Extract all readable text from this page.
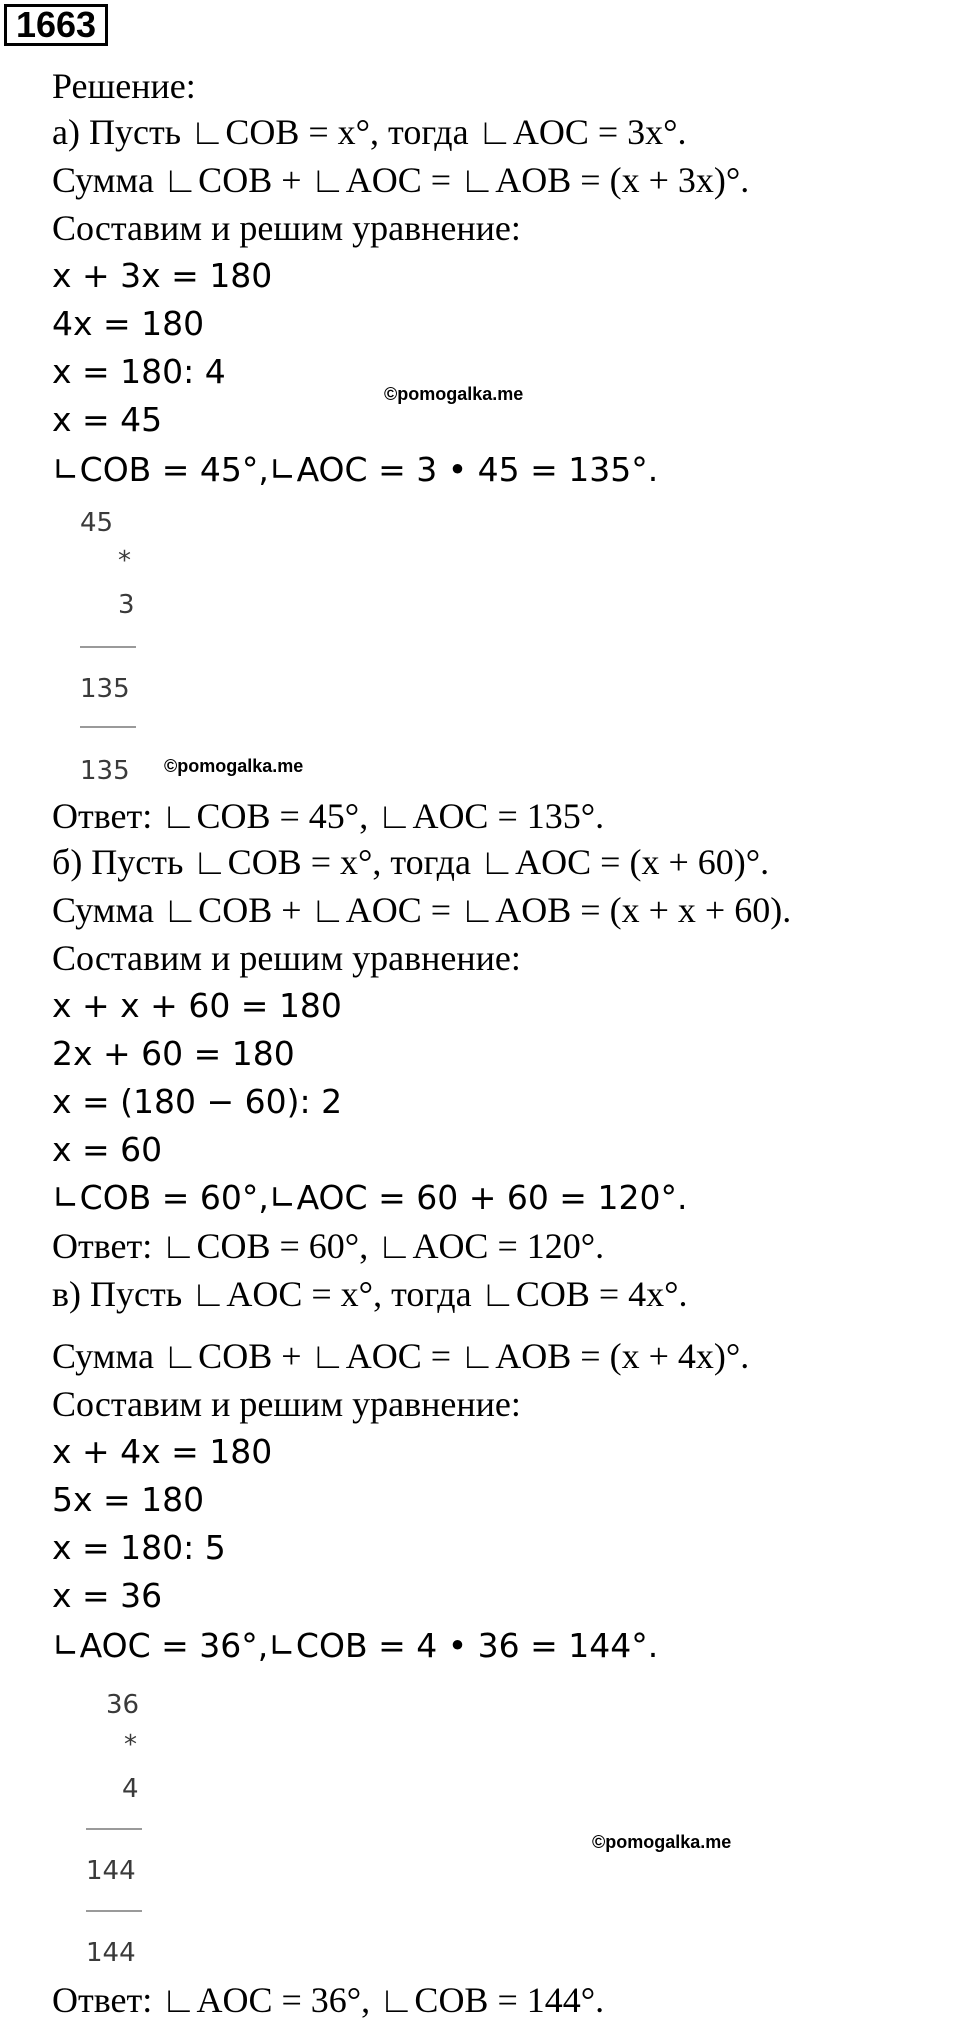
1663
Решение:
а) Пусть ∟COB = x°, тогда ∟AOC = 3x°.
Сумма ∟COB + ∟AOC = ∟AOB = (x + 3x)°.
Составим и решим уравнение:
x + 3x = 180
4x = 180
x = 180: 4
©pomogalka.me
x = 45
∟COB = 45°,∟AOC = 3 • 45 = 135°.
45
*
3
135
135 ©pomogalka.me
Ответ: ∟COB = 45°, ∟AOC = 135°.
б) Пусть ∟COB = x°, тогда ∟AOC = (x + 60)°.
Сумма ∟COB + ∟AOC = ∟AOB = (x + x + 60).
Составим и решим уравнение:
x + x + 60 = 180
2x + 60 = 180
x = (180 − 60): 2
x = 60
∟COB = 60°,∟AOC = 60 + 60 = 120°.
Ответ: ∟COB = 60°, ∟AOC = 120°.
в) Пусть ∟AOC = x°, тогда ∟COB = 4x°.
Сумма ∟COB + ∟AOC = ∟AOB = (x + 4x)°.
Составим и решим уравнение:
x + 4x = 180
5x = 180
x = 180: 5
x = 36
∟AOC = 36°,∟COB = 4 • 36 = 144°.
36
*
4
©pomogalka.me
144
144
Ответ: ∟AOC = 36°, ∟COB = 144°.
